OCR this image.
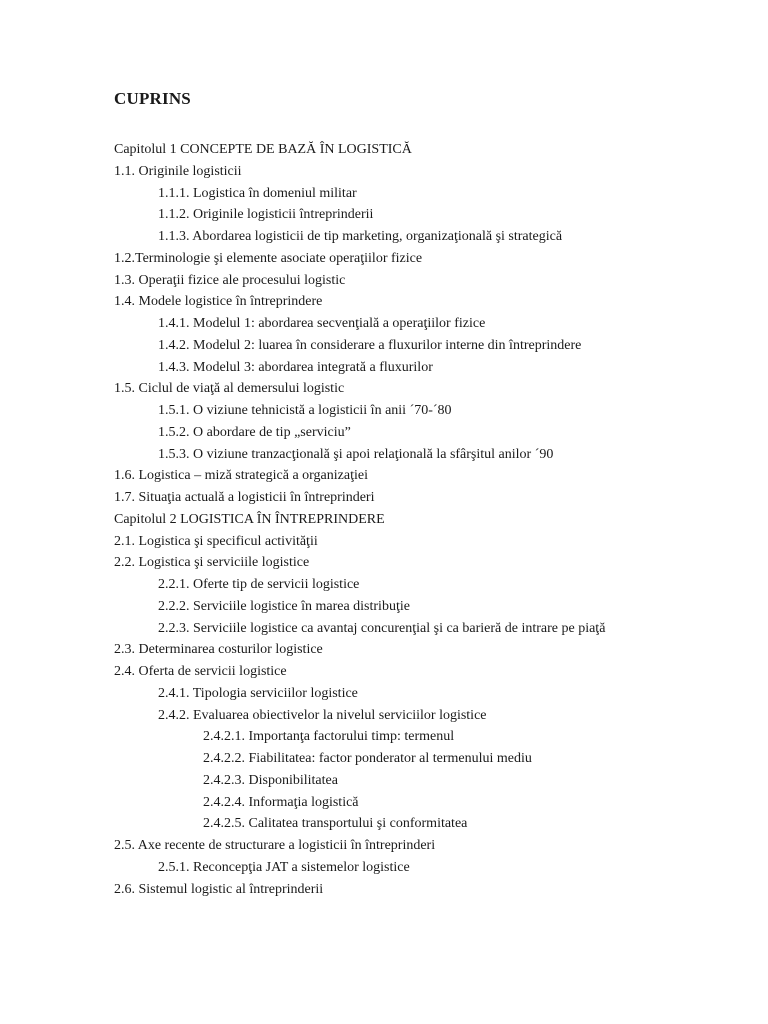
CUPRINS
Capitolul 1 CONCEPTE DE BAZĂ ÎN LOGISTICĂ
1.1. Originile logisticii
1.1.1. Logistica în domeniul militar
1.1.2. Originile logisticii întreprinderii
1.1.3. Abordarea logisticii de tip marketing, organizaţională şi strategică
1.2.Terminologie şi elemente asociate operaţiilor fizice
1.3. Operaţii fizice ale procesului logistic
1.4. Modele logistice în întreprindere
1.4.1. Modelul 1: abordarea secvenţială a operaţiilor fizice
1.4.2. Modelul 2: luarea în considerare a fluxurilor interne din întreprindere
1.4.3. Modelul 3: abordarea integrată a fluxurilor
1.5. Ciclul de viaţă al demersului logistic
1.5.1. O viziune tehnicistă a logisticii în anii ´70-´80
1.5.2. O abordare de tip „serviciu”
1.5.3. O viziune tranzacţională şi apoi relaţională la sfârşitul anilor ´90
1.6. Logistica – miză strategică a organizaţiei
1.7. Situaţia actuală a logisticii în întreprinderi
Capitolul 2 LOGISTICA ÎN ÎNTREPRINDERE
2.1. Logistica şi specificul activităţii
2.2. Logistica şi serviciile logistice
2.2.1. Oferte tip de servicii logistice
2.2.2. Serviciile logistice în marea distribuţie
2.2.3. Serviciile logistice ca avantaj concurenţial şi ca barieră de intrare pe piaţă
2.3. Determinarea costurilor logistice
2.4. Oferta de servicii logistice
2.4.1. Tipologia serviciilor logistice
2.4.2. Evaluarea obiectivelor la nivelul serviciilor logistice
2.4.2.1. Importanţa factorului timp: termenul
2.4.2.2. Fiabilitatea: factor ponderator al termenului mediu
2.4.2.3. Disponibilitatea
2.4.2.4. Informaţia logistică
2.4.2.5. Calitatea transportului şi conformitatea
2.5. Axe recente de structurare a logisticii în întreprinderi
2.5.1. Reconcepţia JAT a sistemelor logistice
2.6. Sistemul logistic al întreprinderii
